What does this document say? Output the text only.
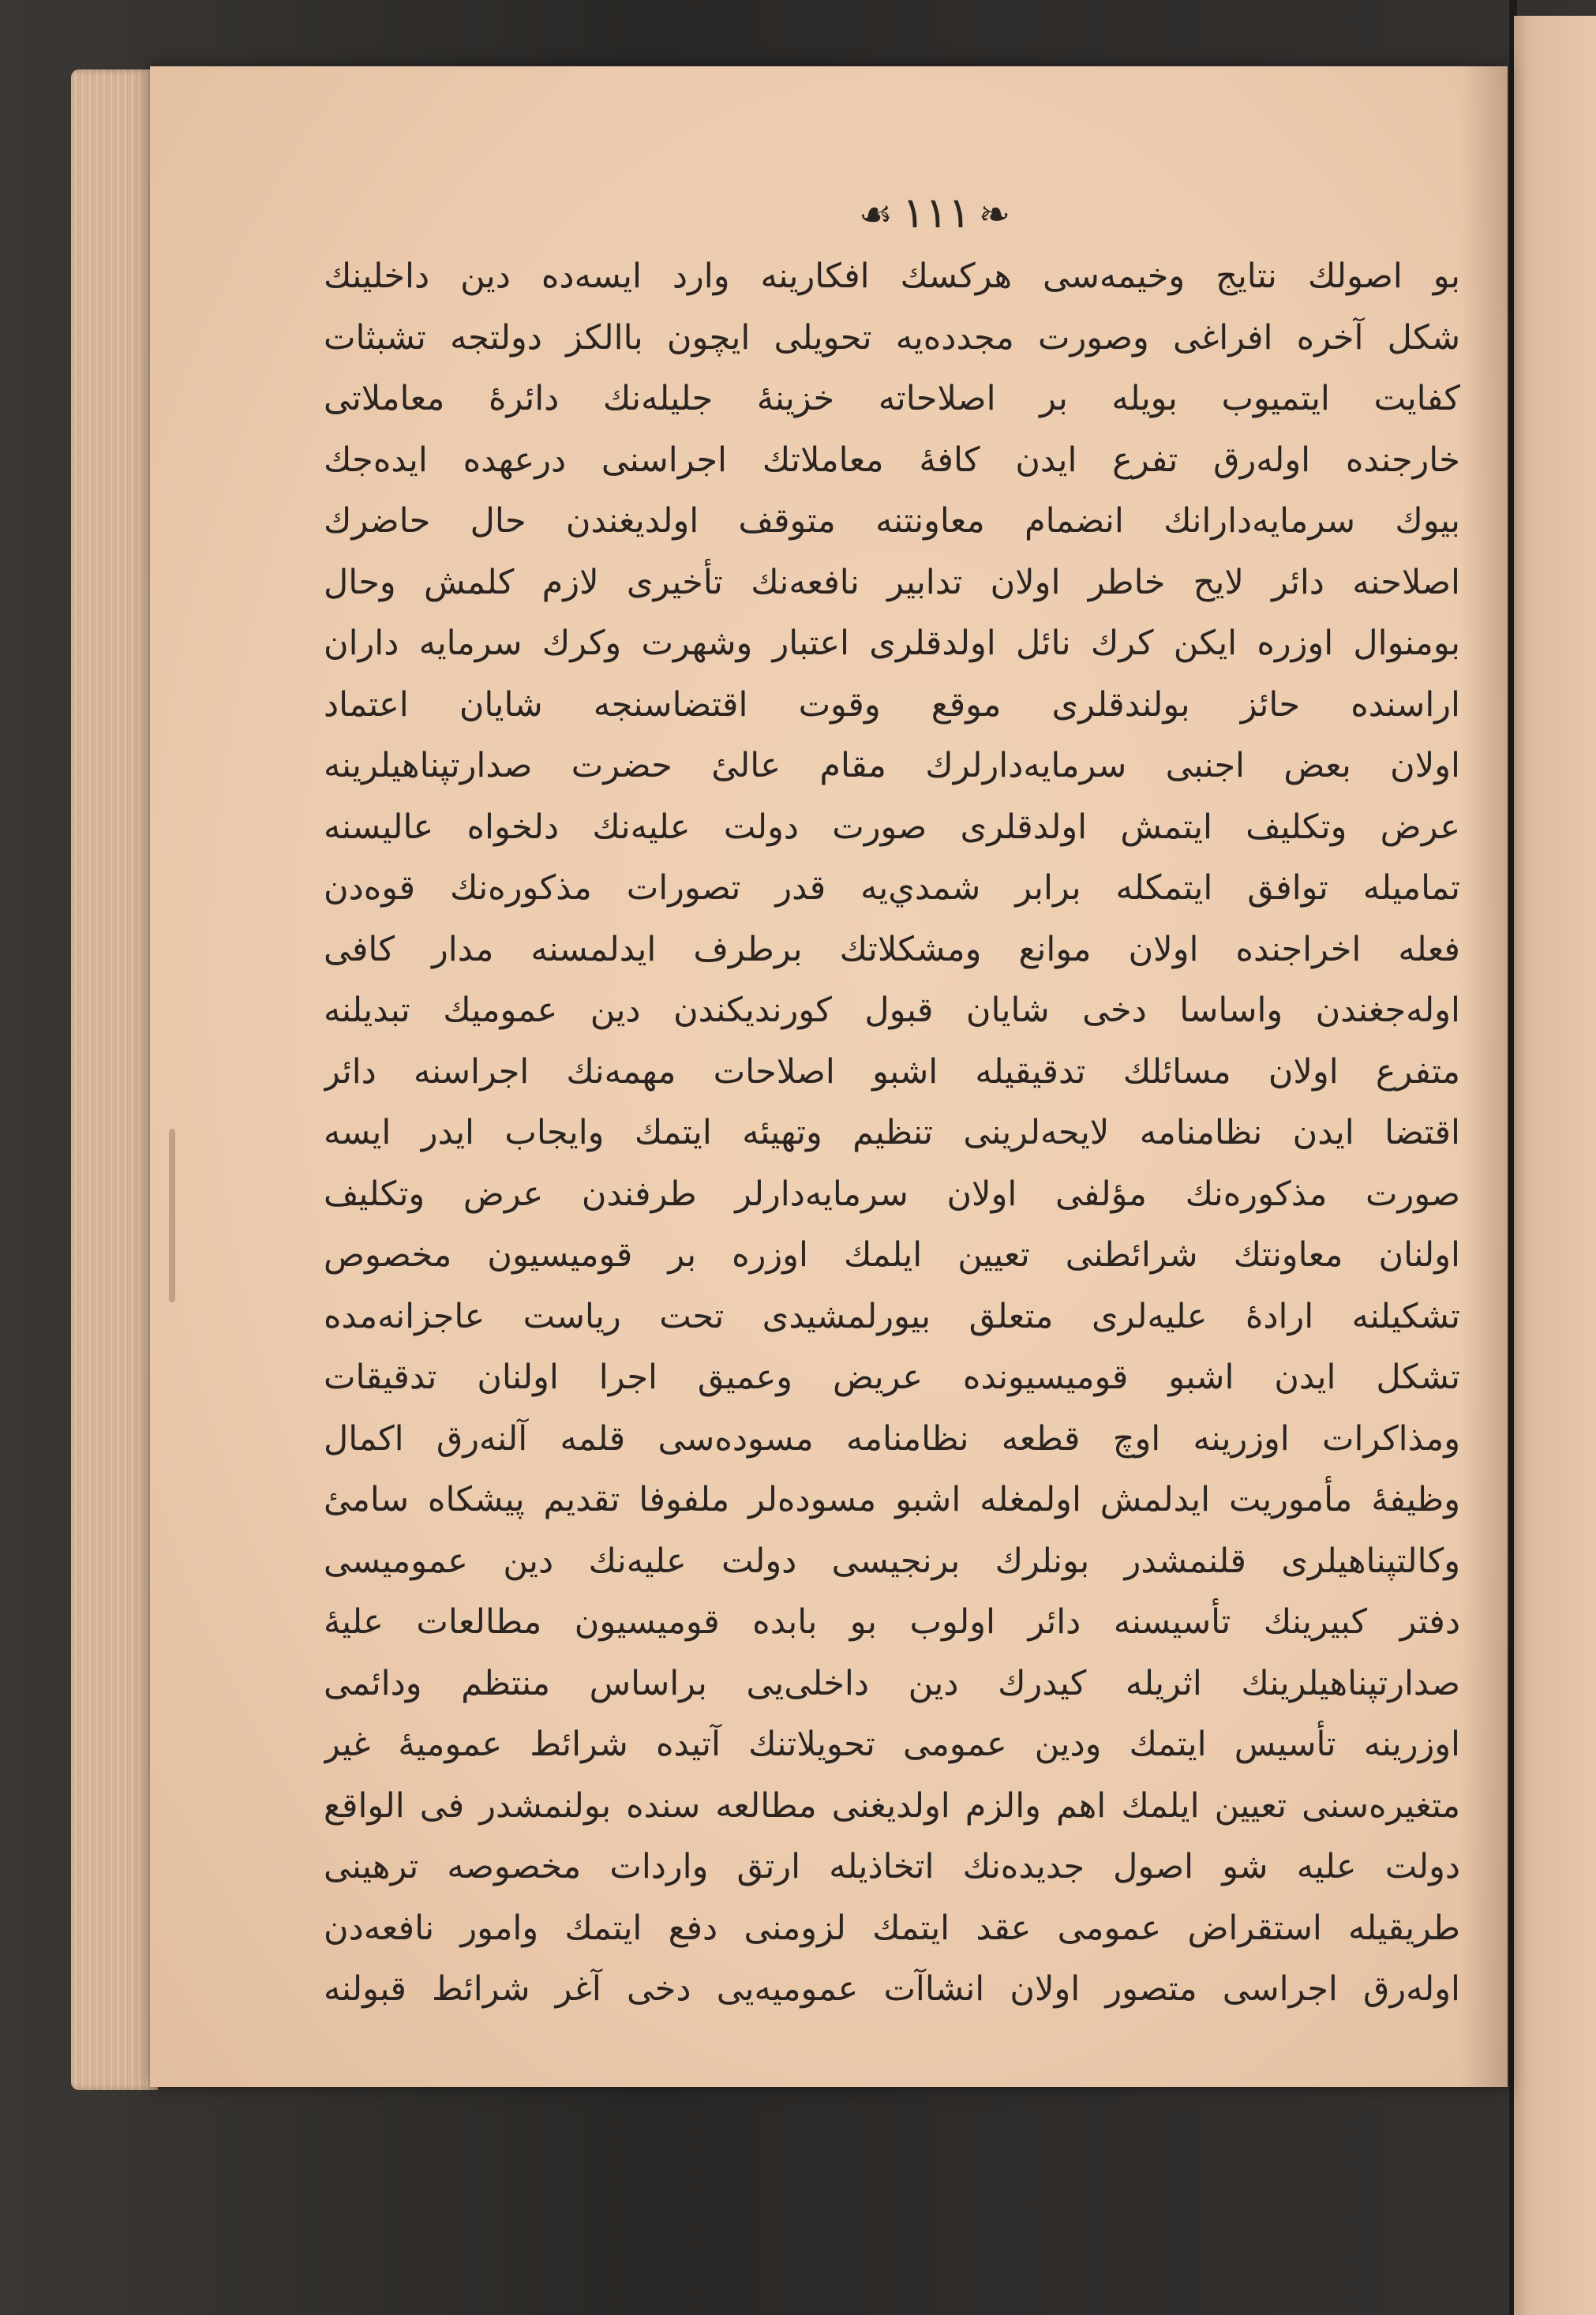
❧١١١☙
بو اصولك نتايج وخيمه‌سى هركسك افكارينه وارد ايسه‌ده دين داخلينك
شكل آخره افراغى وصورت مجدده‌يه تحويلى ايچون باالكز دولتجه تشبثات
كفايت ايتميوب بويله بر اصلاحاته خزينهٔ جليله‌نك دائرهٔ معاملاتى
خارجنده اوله‌رق تفرع ايدن كافهٔ معاملاتك اجراسنى درعهده ايده‌جك
بيوك سرمايه‌دارانك انضمام معاونتنه متوقف اولديغندن حال حاضرك
اصلاحنه دائر لايح خاطر اولان تدابير نافعه‌نك تأخيرى لازم كلمش وحال
بومنوال اوزره ايكن كرك نائل اولدقلرى اعتبار وشهرت وكرك سرمايه داران
اراسنده حائز بولندقلرى موقع وقوت اقتضاسنجه شايان اعتماد
اولان بعض اجنبى سرمايه‌دارلرك مقام عالىٔ حضرت صدارتپناهيلرينه
عرض وتكليف ايتمش اولدقلرى صورت دولت عليه‌نك دلخواه عاليسنه
تماميله توافق ايتمكله برابر شمدي‌يه قدر تصورات مذكوره‌نك قوه‌دن
فعله اخراجنده اولان موانع ومشكلاتك برطرف ايدلمسنه مدار كافى
اوله‌جغندن واساسا دخى شايان قبول كورنديكندن دين عموميك تبديلنه
متفرع اولان مسائلك تدقيقيله اشبو اصلاحات مهمه‌نك اجراسنه دائر
اقتضا ايدن نظامنامه لايحه‌لرينى تنظيم وتهيئه ايتمك وايجاب ايدر ايسه
صورت مذكوره‌نك مؤلفى اولان سرمايه‌دارلر طرفندن عرض وتكليف
اولنان معاونتك شرائطنى تعيين ايلمك اوزره بر قوميسيون مخصوص
تشكيلنه ارادهٔ عليه‌لرى متعلق بيورلمشيدى تحت رياست عاجزانه‌مده
تشكل ايدن اشبو قوميسيونده عريض وعميق اجرا اولنان تدقيقات
ومذاكرات اوزرينه اوچ قطعه نظامنامه مسوده‌سى قلمه آلنه‌رق اكمال
وظيفهٔ مأموريت ايدلمش اولمغله اشبو مسوده‌لر ملفوفا تقديم پيشكاه سامىٔ
وكالتپناهيلرى قلنمشدر بونلرك برنجيسى دولت عليه‌نك دين عموميسى
دفتر كبيرينك تأسيسنه دائر اولوب بو بابده قوميسيون مطالعات عليهٔ
صدارتپناهيلرينك اثريله كيدرك دين داخلى‌يى براساس منتظم ودائمى
اوزرينه تأسيس ايتمك ودين عمومى تحويلاتنك آتيده شرائط عموميهٔ غير
متغيره‌سنى تعيين ايلمك اهم والزم اولديغنى مطالعه سنده بولنمشدر فى الواقع
دولت عليه شو اصول جديده‌نك اتخاذيله ارتق واردات مخصوصه ترهينى
طريقيله استقراض عمومى عقد ايتمك لزومنى دفع ايتمك وامور نافعه‌دن
اوله‌رق اجراسى متصور اولان انشاآت عموميه‌يى دخى آغر شرائط قبولنه
